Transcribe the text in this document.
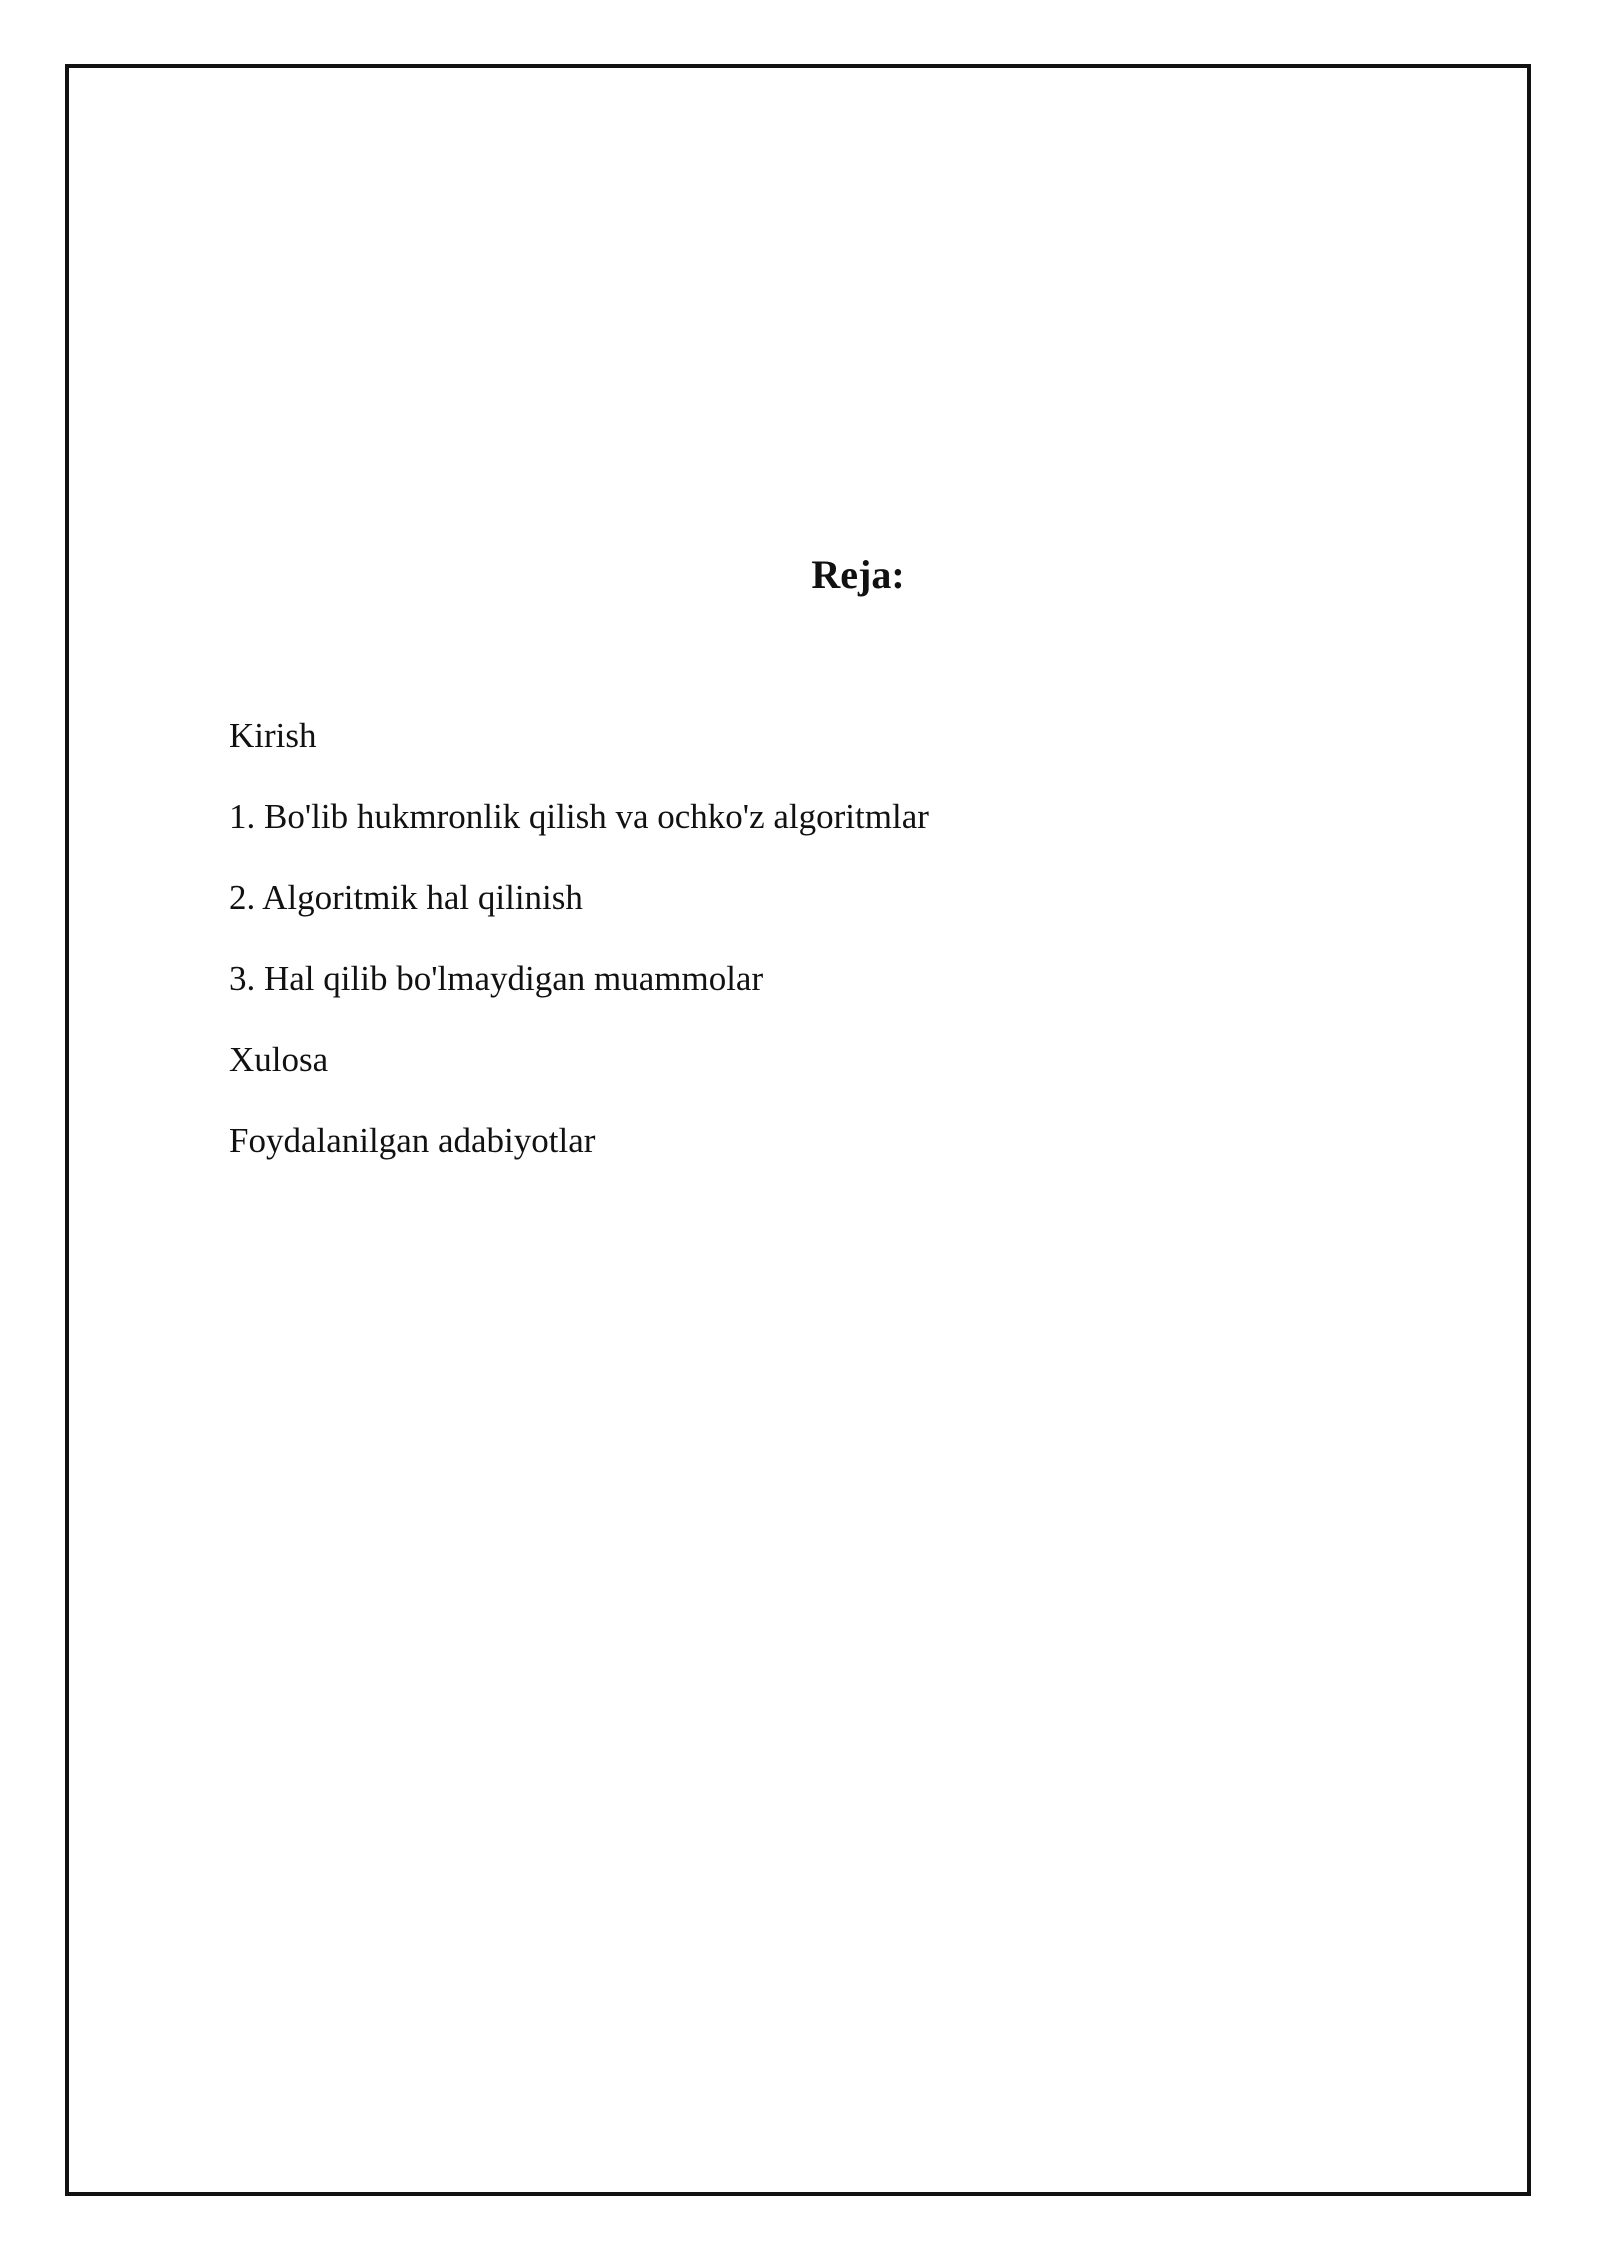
Reja:
Kirish
1. Bo'lib hukmronlik qilish va ochko'z algoritmlar
2. Algoritmik hal qilinish
3. Hal qilib bo'lmaydigan muammolar
Xulosa
Foydalanilgan adabiyotlar
